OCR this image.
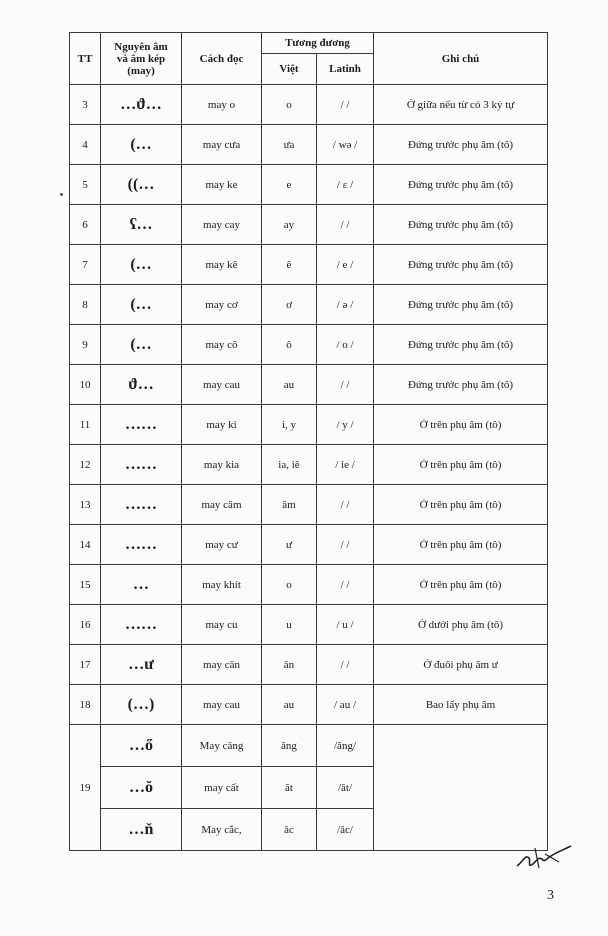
TT	Nguyên âm
và âm kép
(may)	Cách đọc	Tương đương		Ghi chú
			Việt	Latinh	
3	…ϑ…	may o	o	/ /	Ở giữa nếu từ có 3 ký tự
4	(…	may cưa	ưa	/ wə /	Đứng trước phụ âm (tô)
5	((…	may ke	e	/ ɛ /	Đứng trước phụ âm (tô)
6	ʕ…	may cay	ay	/ /	Đứng trước phụ âm (tô)
7	(…	may kê	ê	/ e /	Đứng trước phụ âm (tô)
8	(…	may cơ	ơ	/ ə /	Đứng trước phụ âm (tô)
9	(…	may cô	ô	/ o /	Đứng trước phụ âm (tô)
10	ϑ…	may cau	au	/ /	Đứng trước phụ âm (tô)
11	……	may ki	i, y	/ y /	Ở trên phụ âm (tô)
12	……	may kia	ia, iê	/ ie /	Ở trên phụ âm (tô)
13	……	may căm	ăm	/ /	Ở trên phụ âm (tô)
14	……	may cư	ư	/ /	Ở trên phụ âm (tô)
15	…	may khít	o	/ /	Ở trên phụ âm (tô)
16	……	may cu	u	/ u /	Ở dưới phụ âm (tô)
17	…ư	may căn	ăn	/ /	Ở đuôi phụ âm ư
18	(…)	may cau	au	/ au /	Bao lấy phụ âm
19	…ő	May căng	ăng	/ăng/	
	…ŏ	may cất	ăt	/ăt/	
	…ň	May cắc,	ăc	/ăc/	
3
